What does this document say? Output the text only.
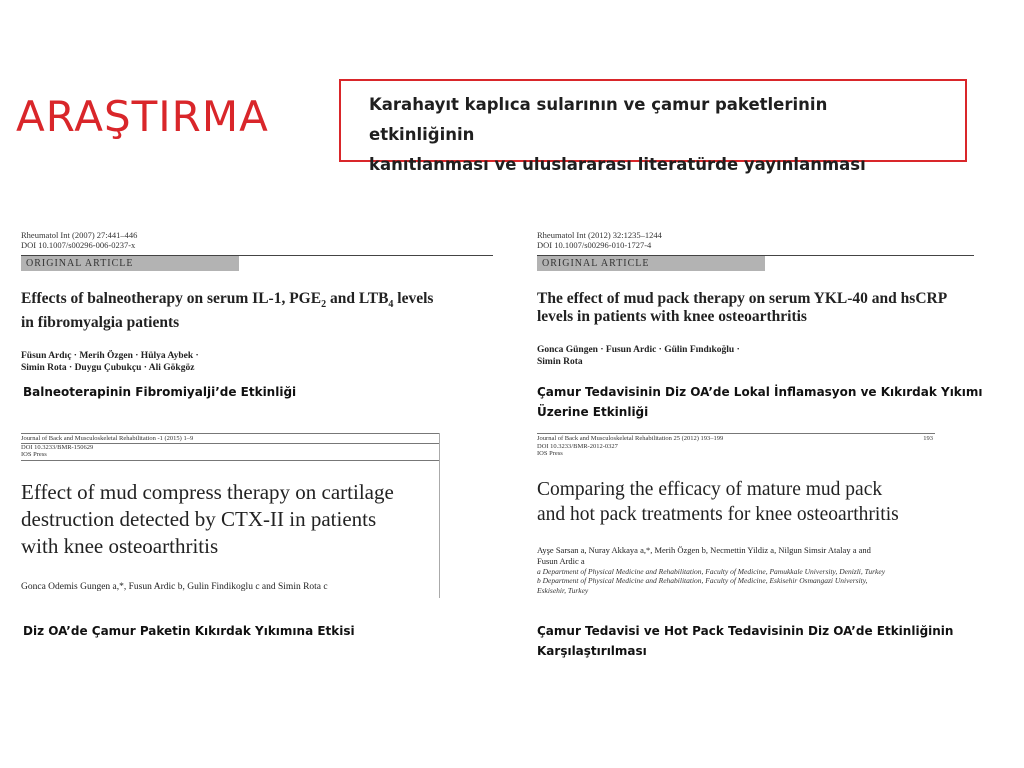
ARAŞTIRMA	Karahayıt kaplıca sularının ve çamur paketlerinin etkinliğinin
kanıtlanması ve uluslararası literatürde yayınlanması
Rheumatol Int (2007) 27:441–446
DOI 10.1007/s00296-006-0237-x
ORIGINAL ARTICLE
Effects of balneotherapy on serum IL-1, $PGE_2$ and $LTB_4$ levels
in fibromyalgia patients
Füsun Ardıç · Merih Özgen · Hülya Aybek ·
Simin Rota · Duygu Çubukçu · Ali Gökgöz
Balneoterapinin Fibromiyalji’de Etkinliği
Rheumatol Int (2012) 32:1235–1244
DOI 10.1007/s00296-010-1727-4
ORIGINAL ARTICLE
The effect of mud pack therapy on serum YKL-40 and hsCRP
levels in patients with knee osteoarthritis
Gonca Güngen · Fusun Ardic · Gülin Fındıkoğlu ·
Simin Rota
Çamur Tedavisinin Diz OA’de Lokal İnflamasyon ve Kıkırdak Yıkımı
Üzerine Etkinliği
Journal of Back and Musculoskeletal Rehabilitation -1 (2015) 1–9
DOI 10.3233/BMR-150629
IOS Press
Effect of mud compress therapy on cartilage
destruction detected by CTX-II in patients
with knee osteoarthritis
Gonca Odemis Gungen a,*, Fusun Ardic b, Gulin Findikoglu c and Simin Rota c
Diz OA’de Çamur Paketin Kıkırdak Yıkımına Etkisi
Journal of Back and Musculoskeletal Rehabilitation 25 (2012) 193–199	193
DOI 10.3233/BMR-2012-0327
IOS Press
Comparing the efficacy of mature mud pack
and hot pack treatments for knee osteoarthritis
Ayşe Sarsan a, Nuray Akkaya a,*, Merih Özgen b, Necmettin Yildiz a, Nilgun Simsir Atalay a and
Fusun Ardic a
a Department of Physical Medicine and Rehabilitation, Faculty of Medicine, Pamukkale University, Denizli, Turkey
b Department of Physical Medicine and Rehabilitation, Faculty of Medicine, Eskisehir Osmangazi University,
Eskisehir, Turkey
Çamur Tedavisi ve Hot Pack Tedavisinin Diz OA’de Etkinliğinin
Karşılaştırılması
